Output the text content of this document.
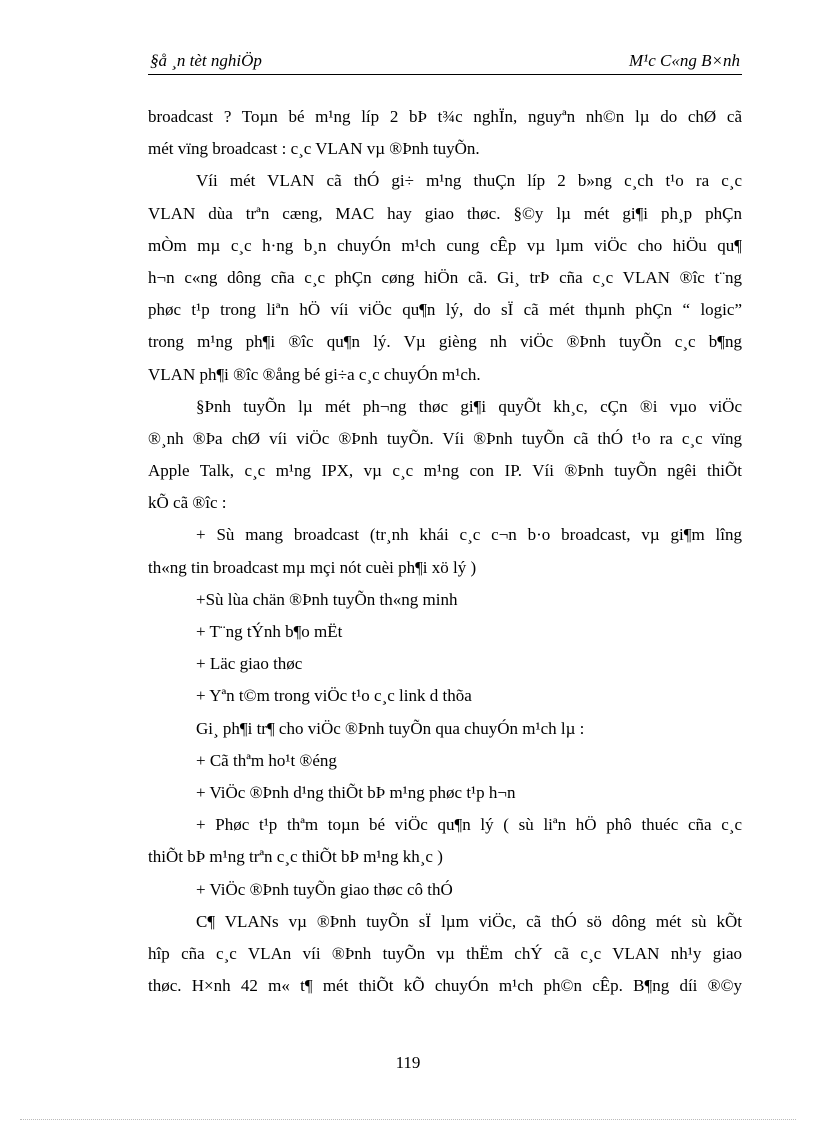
§å ¸n tèt nghiÖp	M¹c C«ng B×nh
broadcast ? Toµn bé m¹ng líp 2 bÞ t¾c nghÏn, nguyªn nh©n lµ do chØ cã
mét vïng broadcast : c¸c VLAN vµ ®Þnh tuyÕn.
Víi mét VLAN cã thÓ gi÷ m¹ng thuÇn líp 2 b»ng c¸ch t¹o ra c¸c
VLAN dùa trªn cæng, MAC hay giao thøc. §©y lµ mét gi¶i ph¸p phÇn
mÒm mµ c¸c h·ng b¸n chuyÓn m¹ch cung cÊp vµ lµm viÖc cho hiÖu qu¶
h¬n c«ng dông cña c¸c phÇn cøng hiÖn cã. Gi¸ trÞ cña c¸c VLAN ®îc t¨ng
phøc t¹p trong liªn hÖ víi viÖc qu¶n lý, do sÏ cã mét thµnh phÇn “ logic”
trong m¹ng ph¶i ®îc qu¶n lý. Vµ gièng nh viÖc ®Þnh tuyÕn c¸c b¶ng
VLAN ph¶i ®îc ®ång bé gi÷a c¸c chuyÓn m¹ch.
§Þnh tuyÕn lµ mét ph¬ng thøc gi¶i quyÕt kh¸c, cÇn ®i vµo viÖc
®¸nh ®Þa chØ víi viÖc ®Þnh tuyÕn. Víi ®Þnh tuyÕn cã thÓ t¹o ra c¸c vïng
Apple Talk, c¸c m¹ng IPX, vµ c¸c m¹ng con IP. Víi ®Þnh tuyÕn ngêi thiÕt
kÕ cã ®îc :
+ Sù mang broadcast (tr¸nh khái c¸c c¬n b·o broadcast, vµ gi¶m lîng
th«ng tin broadcast mµ mçi nót cuèi ph¶i xö lý )
+Sù lùa chän ®Þnh tuyÕn th«ng minh
+ T¨ng tÝnh b¶o mËt
+ Läc giao thøc
+ Yªn t©m trong viÖc t¹o c¸c link d thõa
Gi¸ ph¶i tr¶ cho viÖc ®Þnh tuyÕn qua chuyÓn m¹ch lµ :
+ Cã thªm ho¹t ®éng
+ ViÖc ®Þnh d¹ng thiÕt bÞ m¹ng phøc t¹p h¬n
+ Phøc t¹p thªm toµn bé viÖc qu¶n lý ( sù liªn hÖ phô thuéc cña c¸c
thiÕt bÞ m¹ng trªn c¸c thiÕt bÞ m¹ng kh¸c )
+ ViÖc ®Þnh tuyÕn giao thøc cô thÓ
C¶ VLANs vµ ®Þnh tuyÕn sÏ lµm viÖc, cã thÓ sö dông mét sù kÕt
hîp cña c¸c VLAn víi ®Þnh tuyÕn vµ thËm chÝ cã c¸c VLAN nh¹y giao
thøc. H×nh 42 m« t¶ mét thiÕt kÕ chuyÓn m¹ch ph©n cÊp. B¶ng díi ®©y
119
